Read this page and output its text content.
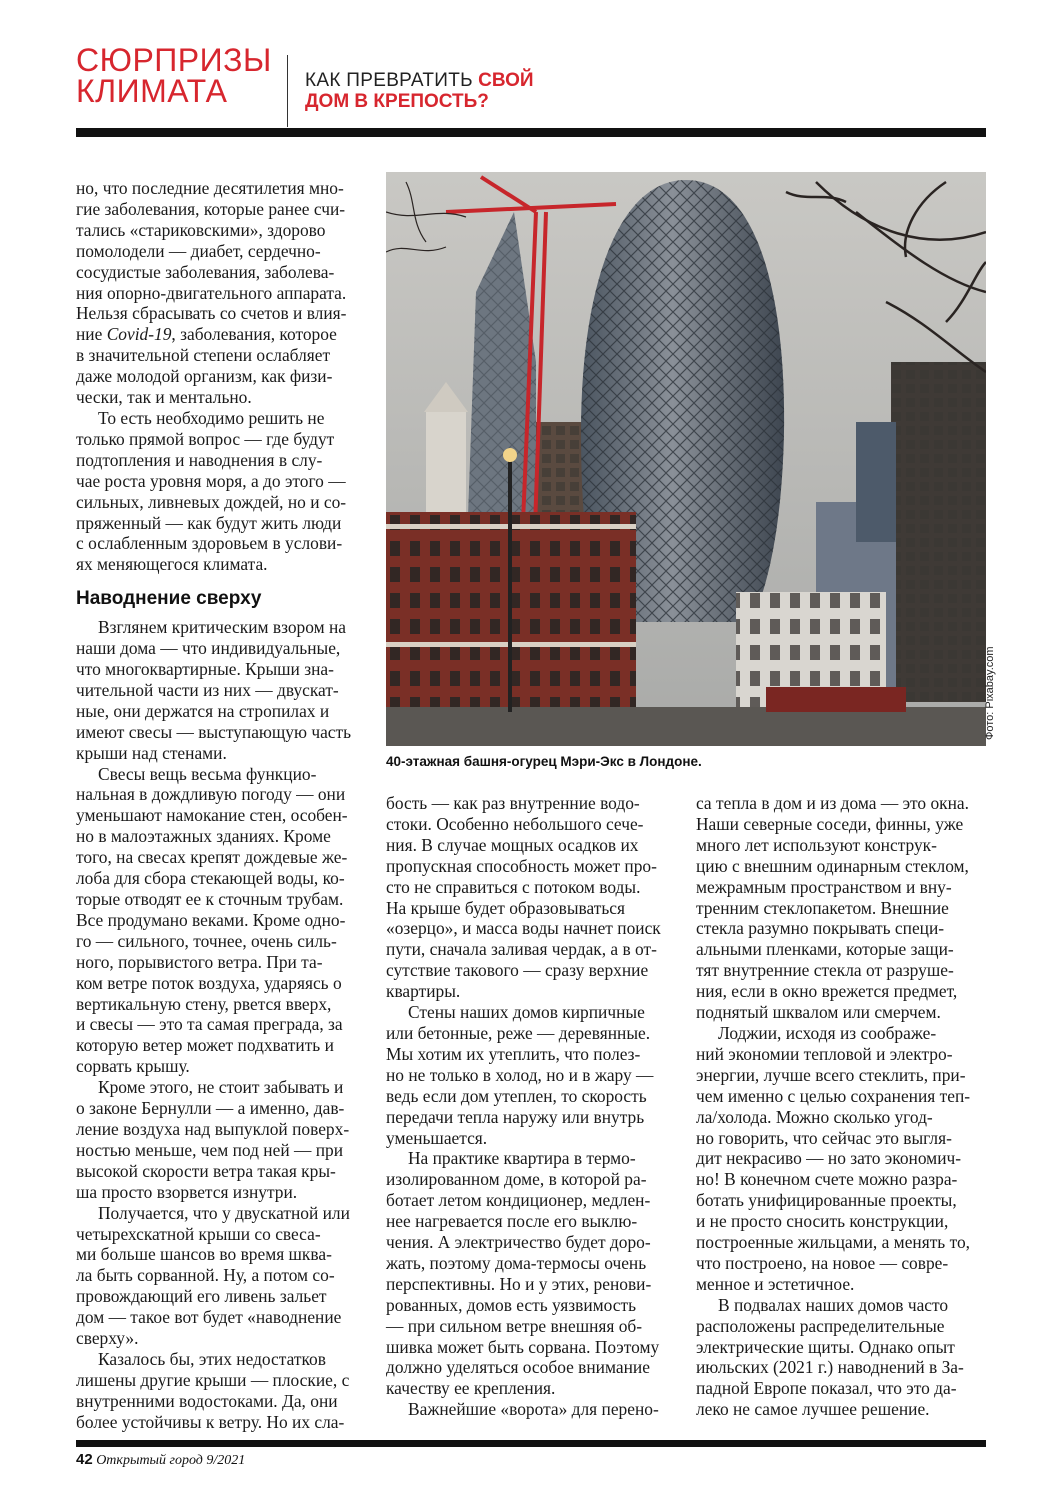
СЮРПРИЗЫ
КЛИМАТА	КАК ПРЕВРАТИТЬ СВОЙ
ДОМ В КРЕПОСТЬ?

но, что последние десятилетия мно-
гие заболевания, которые ранее счи-
тались «стариковскими», здорово
помолодели — диабет, сердечно-
сосудистые заболевания, заболева-
ния опорно-двигательного аппарата.
Нельзя сбрасывать со счетов и влия-
ние Covid-19, заболевания, которое
в значительной степени ослабляет
даже молодой организм, как физи-
чески, так и ментально.

То есть необходимо решить не
только прямой вопрос — где будут
подтопления и наводнения в слу-
чае роста уровня моря, а до этого —
сильных, ливневых дождей, но и со-
пряженный — как будут жить люди
с ослабленным здоровьем в услови-
ях меняющегося климата.

Наводнение сверху

Взглянем критическим взором на
наши дома — что индивидуальные,
что многоквартирные. Крыши зна-
чительной части из них — двускат-
ные, они держатся на стропилах и
имеют свесы — выступающую часть
крыши над стенами.

Свесы вещь весьма функцио-
нальная в дождливую погоду — они
уменьшают намокание стен, особен-
но в малоэтажных зданиях. Кроме
того, на свесах крепят дождевые же-
лоба для сбора стекающей воды, ко-
торые отводят ее к сточным трубам.
Все продумано веками. Кроме одно-
го — сильного, точнее, очень силь-
ного, порывистого ветра. При та-
ком ветре поток воздуха, ударяясь о
вертикальную стену, рвется вверх,
и свесы — это та самая преграда, за
которую ветер может подхватить и
сорвать крышу.

Кроме этого, не стоит забывать и
о законе Бернулли — а именно, дав-
ление воздуха над выпуклой поверх-
ностью меньше, чем под ней — при
высокой скорости ветра такая кры-
ша просто взорвется изнутри.

Получается, что у двускатной или
четырехскатной крыши со свеса-
ми больше шансов во время шква-
ла быть сорванной. Ну, а потом со-
провождающий его ливень зальет
дом — такое вот будет «наводнение
сверху».

Казалось бы, этих недостатков
лишены другие крыши — плоские, с
внутренними водостоками. Да, они
более устойчивы к ветру. Но их сла-

Фото: Pixabay.com
40-этажная башня-огурец Мэри-Экс в Лондоне.

бость — как раз внутренние водо-
стоки. Особенно небольшого сече-
ния. В случае мощных осадков их
пропускная способность может про-
сто не справиться с потоком воды.
На крыше будет образовываться
«озерцо», и масса воды начнет поиск
пути, сначала заливая чердак, а в от-
сутствие такового — сразу верхние
квартиры.

Стены наших домов кирпичные
или бетонные, реже — деревянные.
Мы хотим их утеплить, что полез-
но не только в холод, но и в жару —
ведь если дом утеплен, то скорость
передачи тепла наружу или внутрь
уменьшается.

На практике квартира в термо-
изолированном доме, в которой ра-
ботает летом кондиционер, медлен-
нее нагревается после его выклю-
чения. А электричество будет доро-
жать, поэтому дома-термосы очень
перспективны. Но и у этих, ренови-
рованных, домов есть уязвимость
— при сильном ветре внешняя об-
шивка может быть сорвана. Поэтому
должно уделяться особое внимание
качеству ее крепления.

Важнейшие «ворота» для перено-

са тепла в дом и из дома — это окна.
Наши северные соседи, финны, уже
много лет используют конструк-
цию с внешним одинарным стеклом,
межрамным пространством и вну-
тренним стеклопакетом. Внешние
стекла разумно покрывать специ-
альными пленками, которые защи-
тят внутренние стекла от разруше-
ния, если в окно врежется предмет,
поднятый шквалом или смерчем.

Лоджии, исходя из соображе-
ний экономии тепловой и электро-
энергии, лучше всего стеклить, при-
чем именно с целью сохранения теп-
ла/холода. Можно сколько угод-
но говорить, что сейчас это выгля-
дит некрасиво — но зато экономич-
но! В конечном счете можно разра-
ботать унифицированные проекты,
и не просто сносить конструкции,
построенные жильцами, а менять то,
что построено, на новое — совре-
менное и эстетичное.

В подвалах наших домов часто
расположены распределительные
электрические щиты. Однако опыт
июльских (2021 г.) наводнений в За-
падной Европе показал, что это да-
леко не самое лучшее решение.

42 Открытый город 9/2021
